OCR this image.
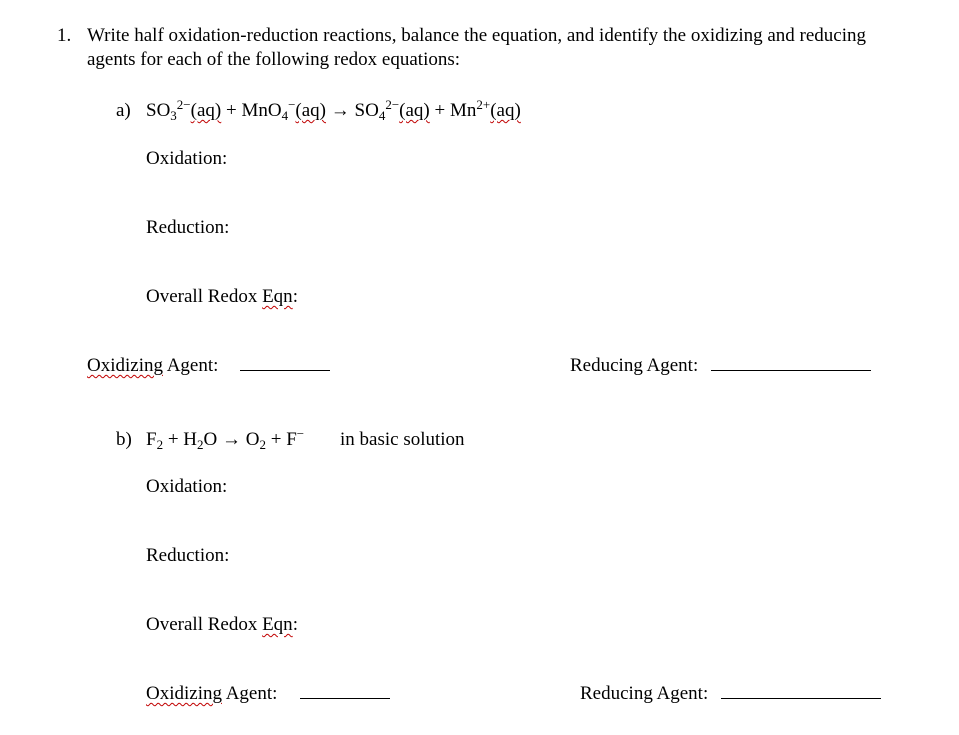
1. Write half oxidation-reduction reactions, balance the equation, and identify the oxidizing and reducing
agents for each of the following redox equations:
a) $SO_3^{2-}(aq) + MnO_4^-(aq) \to SO_4^{2-}(aq) + Mn^{2+}(aq)$
Oxidation:
Reduction:
Overall Redox Eqn:
Oxidizing Agent:	Reducing Agent:
b) $F_2 + H_2O \to O_2 + F^-$ in basic solution
Oxidation:
Reduction:
Overall Redox Eqn:
Oxidizing Agent:	Reducing Agent:
